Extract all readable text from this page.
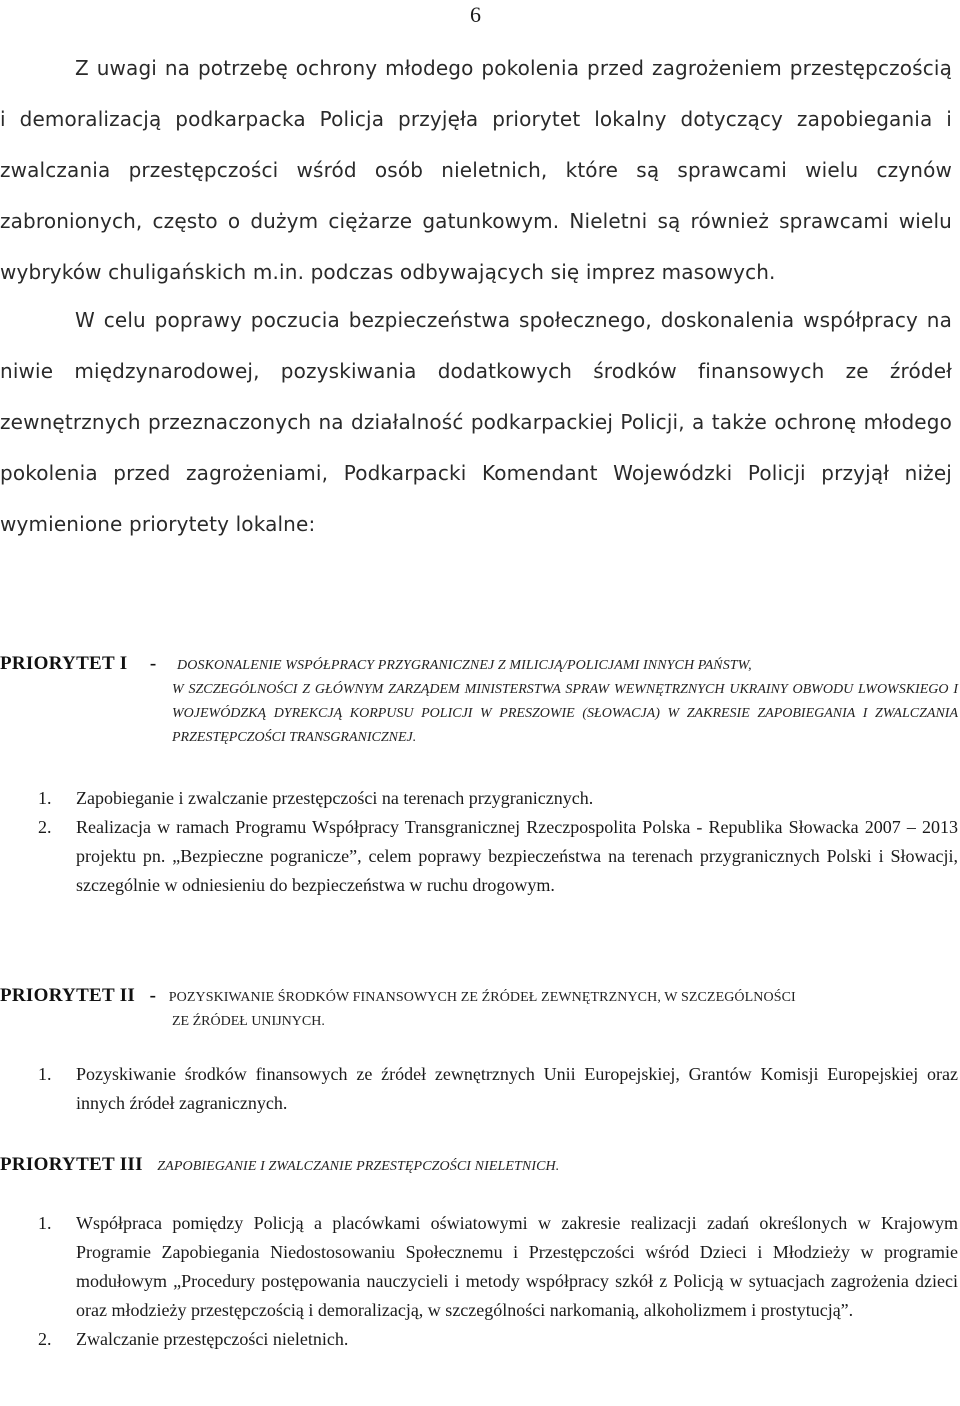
6

Z uwagi na potrzebę ochrony młodego pokolenia przed zagrożeniem przestępczością i demoralizacją podkarpacka Policja przyjęła priorytet lokalny dotyczący zapobiegania i zwalczania przestępczości wśród osób nieletnich, które są sprawcami wielu czynów zabronionych, często o dużym ciężarze gatunkowym. Nieletni są również sprawcami wielu wybryków chuligańskich m.in. podczas odbywających się imprez masowych.

W celu poprawy poczucia bezpieczeństwa społecznego, doskonalenia współpracy na niwie międzynarodowej, pozyskiwania dodatkowych środków finansowych ze źródeł zewnętrznych przeznaczonych na działalność podkarpackiej Policji, a także ochronę młodego pokolenia przed zagrożeniami, Podkarpacki Komendant Wojewódzki Policji przyjął niżej wymienione priorytety lokalne:

PRIORYTET I - DOSKONALENIE WSPÓŁPRACY PRZYGRANICZNEJ Z MILICJĄ/POLICJAMI INNYCH PAŃSTW,
W SZCZEGÓLNOŚCI Z GŁÓWNYM ZARZĄDEM MINISTERSTWA SPRAW WEWNĘTRZNYCH UKRAINY OBWODU LWOWSKIEGO I WOJEWÓDZKĄ DYREKCJĄ KORPUSU POLICJI W PRESZOWIE (SŁOWACJA) W ZAKRESIE ZAPOBIEGANIA I ZWALCZANIA PRZESTĘPCZOŚCI TRANSGRANICZNEJ.
1. Zapobieganie i zwalczanie przestępczości na terenach przygranicznych.
2. Realizacja w ramach Programu Współpracy Transgranicznej Rzeczpospolita Polska - Republika Słowacka 2007 – 2013 projektu pn. „Bezpieczne pogranicze”, celem poprawy bezpieczeństwa na terenach przygranicznych Polski i Słowacji, szczególnie w odniesieniu do bezpieczeństwa w ruchu drogowym.
PRIORYTET II - POZYSKIWANIE ŚRODKÓW FINANSOWYCH ZE ŹRÓDEŁ ZEWNĘTRZNYCH, W SZCZEGÓLNOŚCI
ZE ŹRÓDEŁ UNIJNYCH.
1. Pozyskiwanie środków finansowych ze źródeł zewnętrznych Unii Europejskiej, Grantów Komisji Europejskiej oraz innych źródeł zagranicznych.
PRIORYTET III ZAPOBIEGANIE I ZWALCZANIE PRZESTĘPCZOŚCI NIELETNICH.
1. Współpraca pomiędzy Policją a placówkami oświatowymi w zakresie realizacji zadań określonych w Krajowym Programie Zapobiegania Niedostosowaniu Społecznemu i Przestępczości wśród Dzieci i Młodzieży w programie modułowym „Procedury postępowania nauczycieli i metody współpracy szkół z Policją w sytuacjach zagrożenia dzieci oraz młodzieży przestępczością i demoralizacją, w szczególności narkomanią, alkoholizmem i prostytucją”.
2. Zwalczanie przestępczości nieletnich.
